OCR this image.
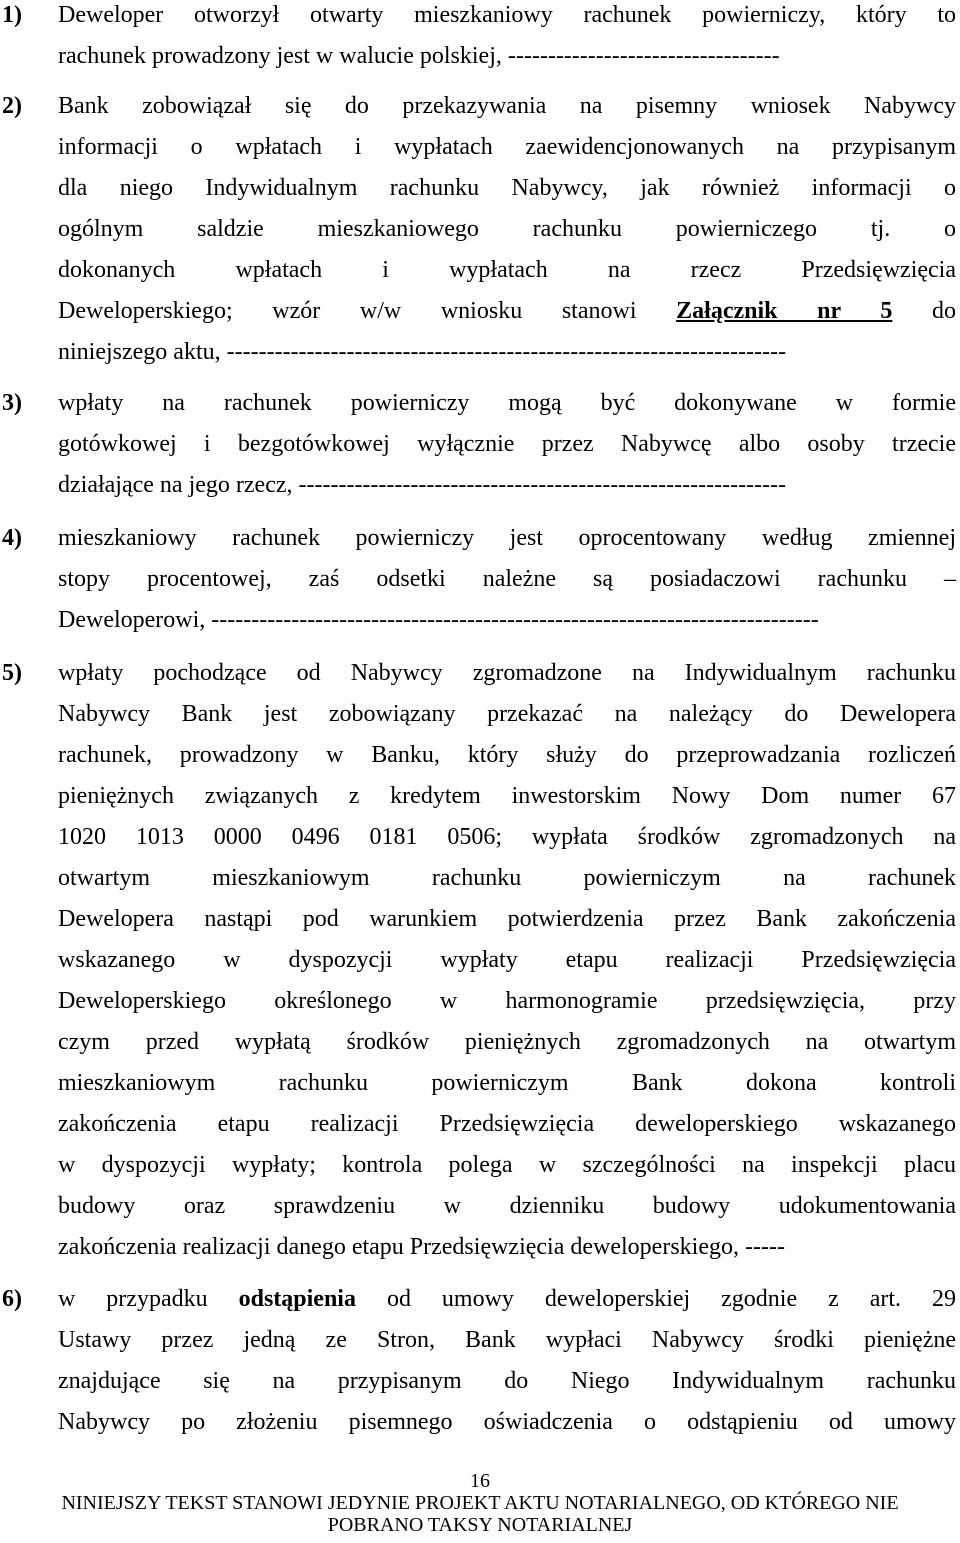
1) Deweloper otworzył otwarty mieszkaniowy rachunek powierniczy, który to
rachunek prowadzony jest w walucie polskiej, ----------------------------------
2) Bank zobowiązał się do przekazywania na pisemny wniosek Nabywcy
informacji o wpłatach i wypłatach zaewidencjonowanych na przypisanym
dla niego Indywidualnym rachunku Nabywcy, jak również informacji o
ogólnym saldzie mieszkaniowego rachunku powierniczego tj. o
dokonanych wpłatach i wypłatach na rzecz Przedsięwzięcia
Deweloperskiego; wzór w/w wniosku stanowi Załącznik nr 5 do
niniejszego aktu, ----------------------------------------------------------------------
3) wpłaty na rachunek powierniczy mogą być dokonywane w formie
gotówkowej i bezgotówkowej wyłącznie przez Nabywcę albo osoby trzecie
działające na jego rzecz, -------------------------------------------------------------
4) mieszkaniowy rachunek powierniczy jest oprocentowany według zmiennej
stopy procentowej, zaś odsetki należne są posiadaczowi rachunku –
Deweloperowi, ----------------------------------------------------------------------------
5) wpłaty pochodzące od Nabywcy zgromadzone na Indywidualnym rachunku
Nabywcy Bank jest zobowiązany przekazać na należący do Dewelopera
rachunek, prowadzony w Banku, który służy do przeprowadzania rozliczeń
pieniężnych związanych z kredytem inwestorskim Nowy Dom numer 67
1020 1013 0000 0496 0181 0506; wypłata środków zgromadzonych na
otwartym mieszkaniowym rachunku powierniczym na rachunek
Dewelopera nastąpi pod warunkiem potwierdzenia przez Bank zakończenia
wskazanego w dyspozycji wypłaty etapu realizacji Przedsięwzięcia
Deweloperskiego określonego w harmonogramie przedsięwzięcia, przy
czym przed wypłatą środków pieniężnych zgromadzonych na otwartym
mieszkaniowym rachunku powierniczym Bank dokona kontroli
zakończenia etapu realizacji Przedsięwzięcia deweloperskiego wskazanego
w dyspozycji wypłaty; kontrola polega w szczególności na inspekcji placu
budowy oraz sprawdzeniu w dzienniku budowy udokumentowania
zakończenia realizacji danego etapu Przedsięwzięcia deweloperskiego, -----
6) w przypadku odstąpienia od umowy deweloperskiej zgodnie z art. 29
Ustawy przez jedną ze Stron, Bank wypłaci Nabywcy środki pieniężne
znajdujące się na przypisanym do Niego Indywidualnym rachunku
Nabywcy po złożeniu pisemnego oświadczenia o odstąpieniu od umowy
16
NINIEJSZY TEKST STANOWI JEDYNIE PROJEKT AKTU NOTARIALNEGO, OD KTÓREGO NIE
POBRANO TAKSY NOTARIALNEJ
